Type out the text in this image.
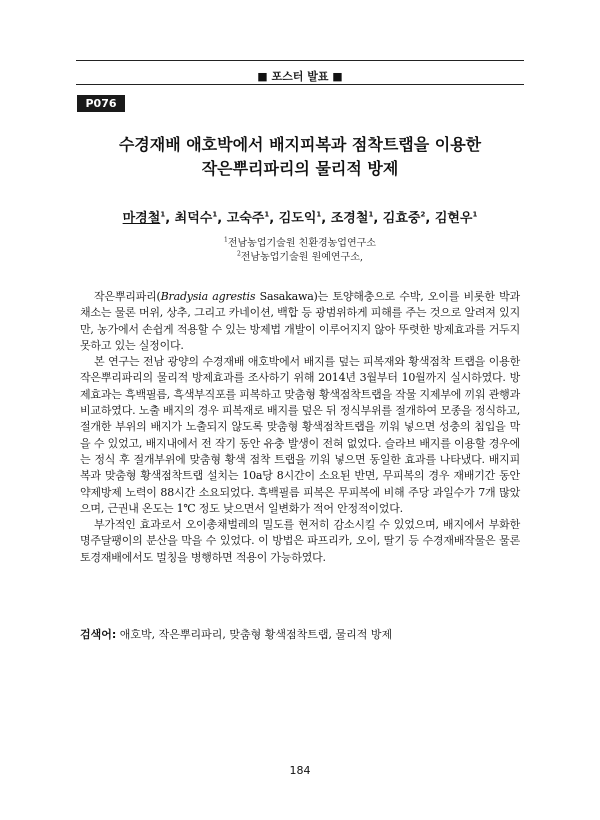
■ 포스터 발표 ■
P076
수경재배 애호박에서 배지피복과 점착트랩을 이용한
작은뿌리파리의 물리적 방제
마경철$^1$, 최덕수$^1$, 고숙주$^1$, 김도익$^1$, 조경철$^1$, 김효중$^2$, 김현우$^1$
$^1$전남농업기술원 친환경농업연구소
$^2$전남농업기술원 원예연구소,

작은뿌리파리(Bradysia agrestis Sasakawa)는 토양해충으로 수박, 오이를 비롯한 박과채소는 물론 머위, 상추, 그리고 카네이션, 백합 등 광범위하게 피해를 주는 것으로 알려져 있지만, 농가에서 손쉽게 적용할 수 있는 방제법 개발이 이루어지지 않아 뚜렷한 방제효과를 거두지 못하고 있는 실정이다.

본 연구는 전남 광양의 수경재배 애호박에서 배지를 덮는 피복재와 황색점착 트랩을 이용한 작은뿌리파리의 물리적 방제효과를 조사하기 위해 2014년 3월부터 10월까지 실시하였다. 방제효과는 흑백필름, 흑색부직포를 피복하고 맞춤형 황색점착트랩을 작물 지제부에 끼워 관행과 비교하였다. 노출 배지의 경우 피복재로 배지를 덮은 뒤 정식부위를 절개하여 모종을 정식하고, 절개한 부위의 배지가 노출되지 않도록 맞춤형 황색점착트랩을 끼워 넣으면 성충의 침입을 막을 수 있었고, 배지내에서 전 작기 동안 유충 발생이 전혀 없었다. 슬라브 배지를 이용할 경우에는 정식 후 절개부위에 맞춤형 황색 점착 트랩을 끼워 넣으면 동일한 효과를 나타냈다. 배지피복과 맞춤형 황색점착트랩 설치는 10a당 8시간이 소요된 반면, 무피복의 경우 재배기간 동안 약제방제 노력이 88시간 소요되었다. 흑백필름 피복은 무피복에 비해 주당 과일수가 7개 많았으며, 근권내 온도는 1℃ 정도 낮으면서 일변화가 적어 안정적이었다.

부가적인 효과로서 오이총채벌레의 밀도를 현저히 감소시킬 수 있었으며, 배지에서 부화한 명주달팽이의 분산을 막을 수 있었다. 이 방법은 파프리카, 오이, 딸기 등 수경재배작물은 물론 토경재배에서도 멀칭을 병행하면 적용이 가능하였다.

검색어: 애호박, 작은뿌리파리, 맞춤형 황색점착트랩, 물리적 방제
184
